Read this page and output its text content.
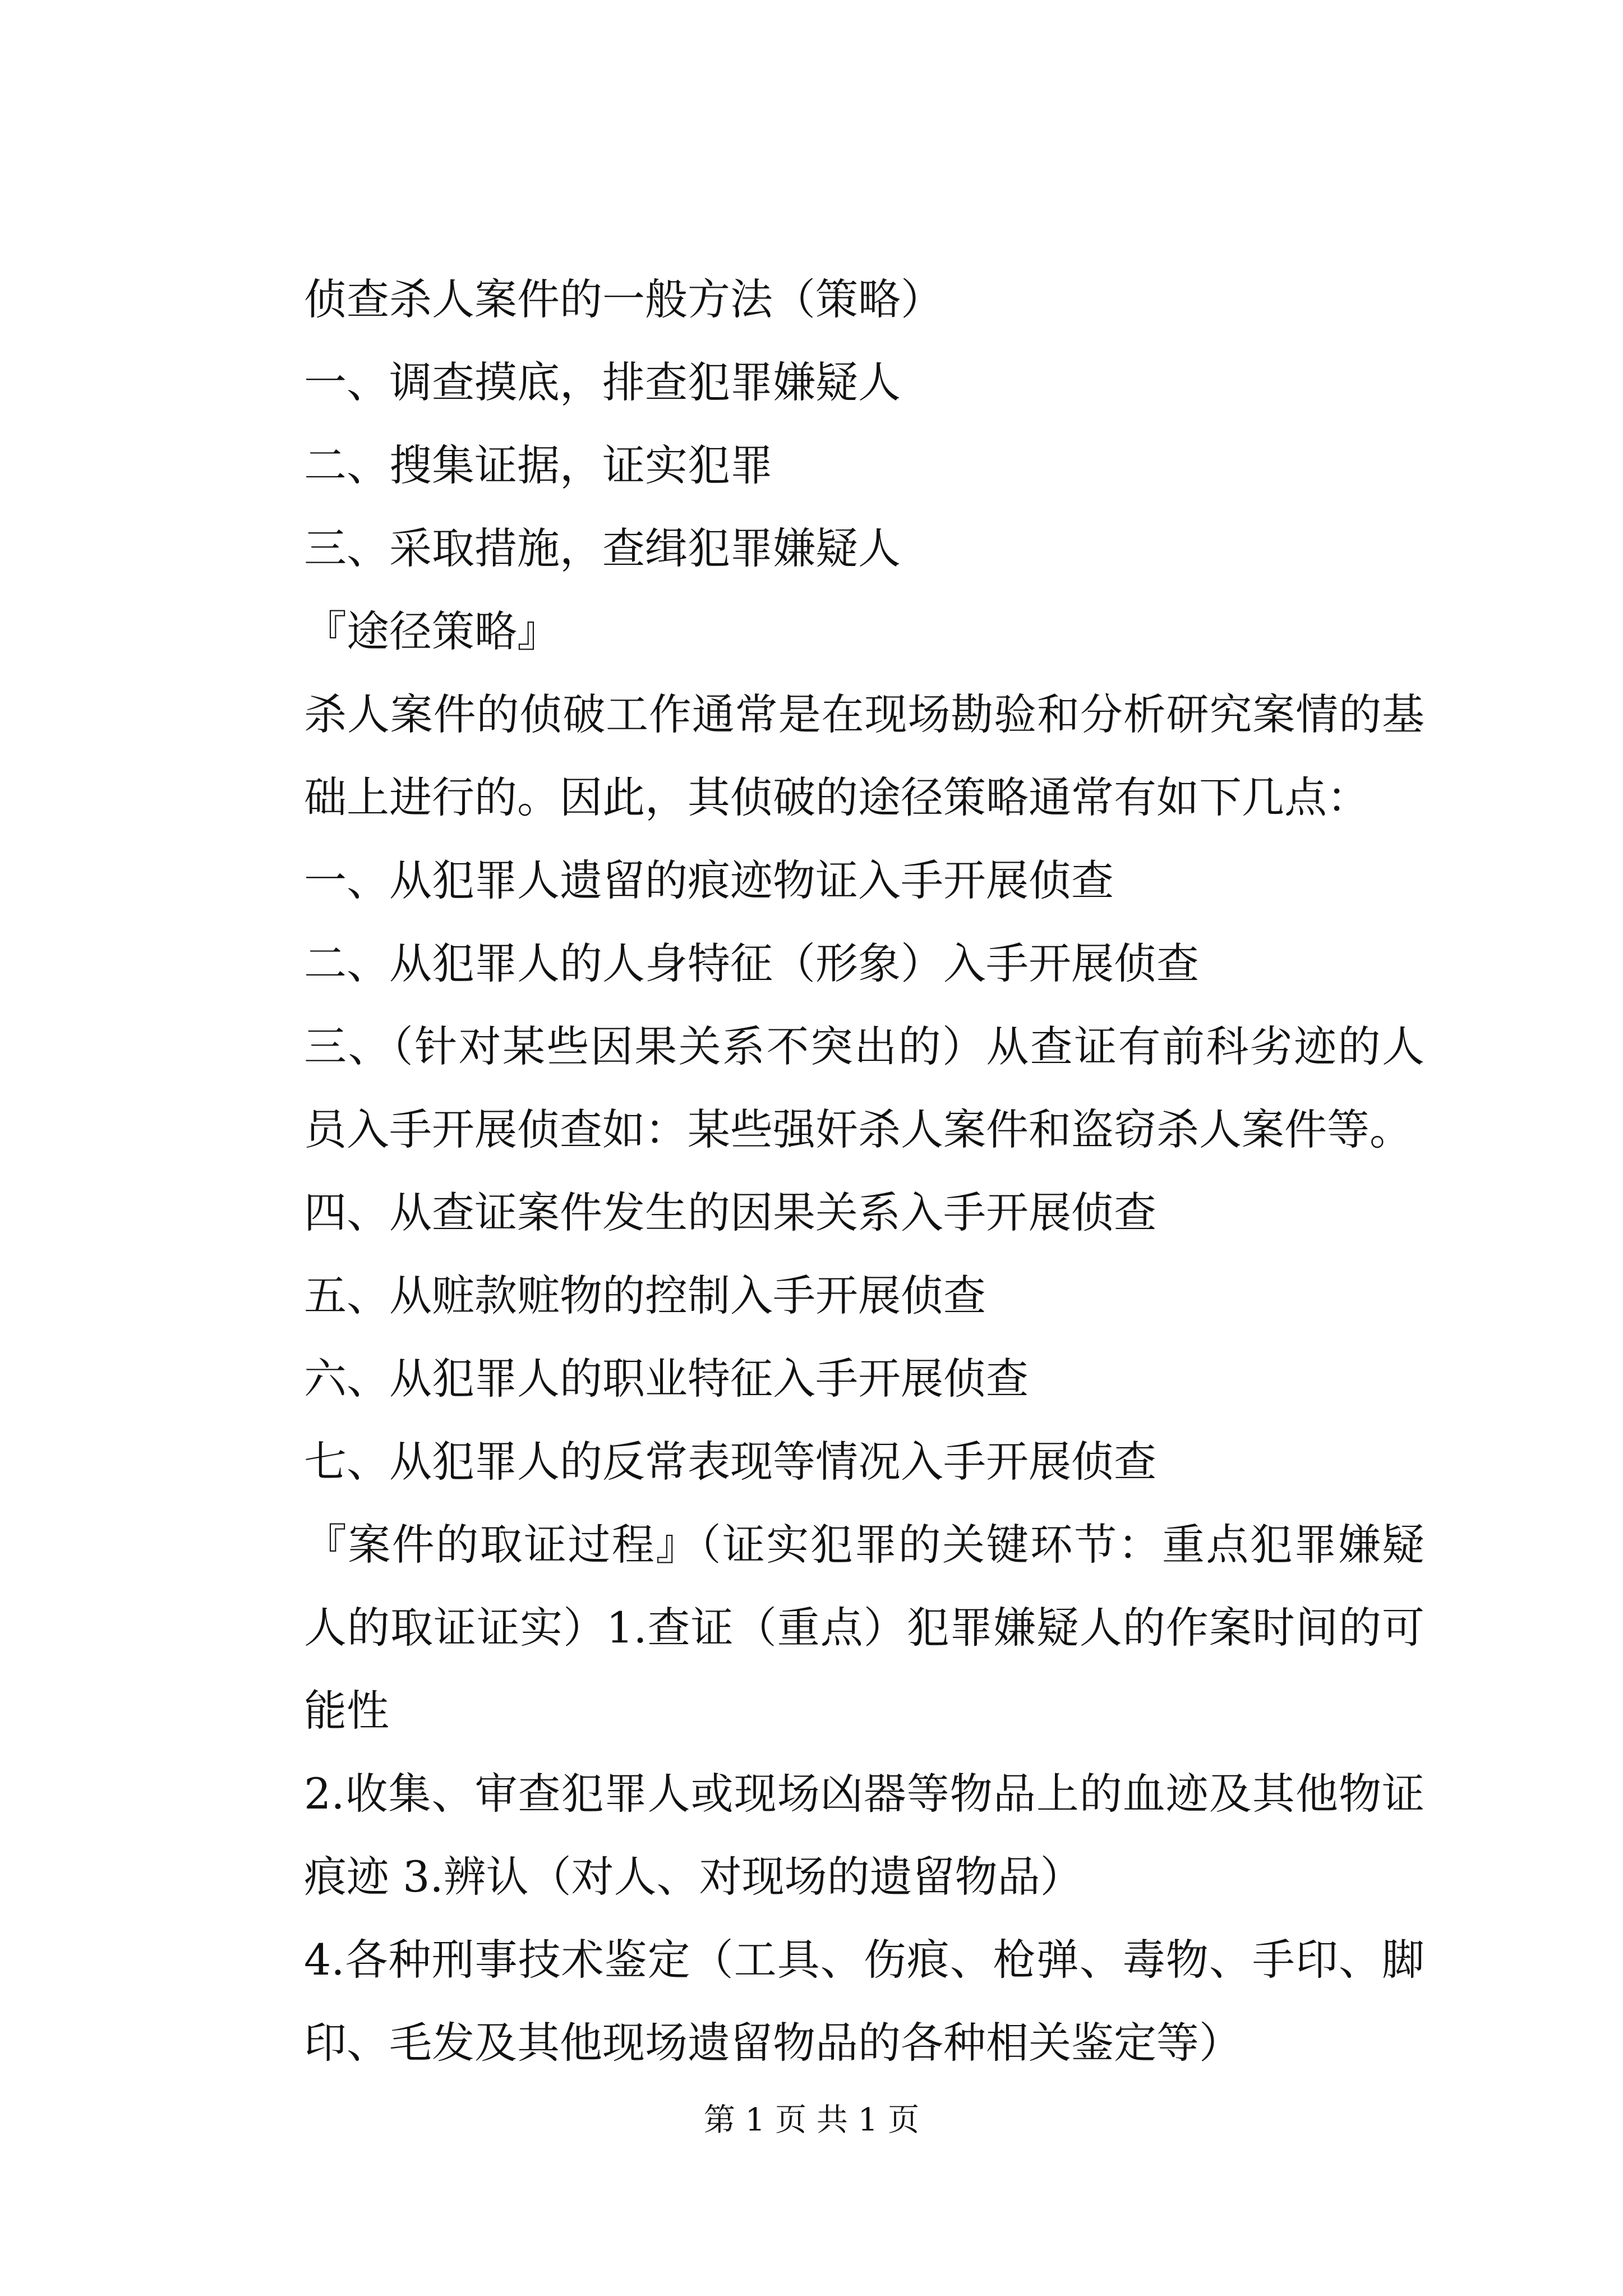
侦查杀人案件的一般方法（策略）

一、调查摸底，排查犯罪嫌疑人

二、搜集证据，证实犯罪

三、采取措施，查缉犯罪嫌疑人

『途径策略』

杀人案件的侦破工作通常是在现场勘验和分析研究案情的基础上进行的。因此，其侦破的途径策略通常有如下几点：

一、从犯罪人遗留的痕迹物证入手开展侦查

二、从犯罪人的人身特征（形象）入手开展侦查

三、（针对某些因果关系不突出的）从查证有前科劣迹的人员入手开展侦查如：某些强奸杀人案件和盗窃杀人案件等。

四、从查证案件发生的因果关系入手开展侦查

五、从赃款赃物的控制入手开展侦查

六、从犯罪人的职业特征入手开展侦查

七、从犯罪人的反常表现等情况入手开展侦查

『案件的取证过程』（证实犯罪的关键环节：重点犯罪嫌疑人的取证证实）1.查证（重点）犯罪嫌疑人的作案时间的可能性

2.收集、审查犯罪人或现场凶器等物品上的血迹及其他物证痕迹 3.辨认（对人、对现场的遗留物品）

4.各种刑事技术鉴定（工具、伤痕、枪弹、毒物、手印、脚印、毛发及其他现场遗留物品的各种相关鉴定等）

第 1 页 共 1 页
